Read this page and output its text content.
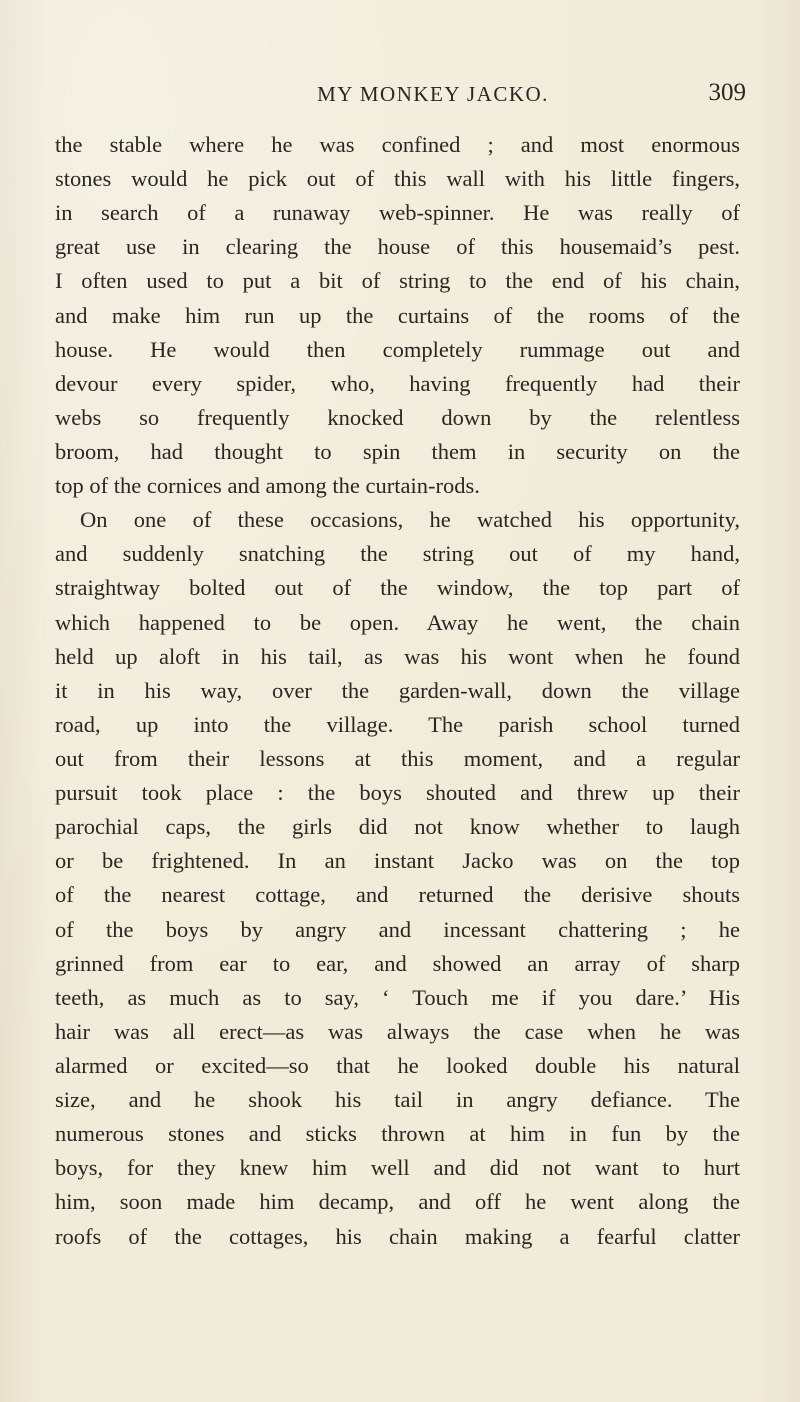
MY MONKEY JACKO.	309
the stable where he was confined ; and most enormous
stones would he pick out of this wall with his little fingers,
in search of a runaway web-spinner. He was really of
great use in clearing the house of this housemaid’s pest.
I often used to put a bit of string to the end of his chain,
and make him run up the curtains of the rooms of the
house. He would then completely rummage out and
devour every spider, who, having frequently had their
webs so frequently knocked down by the relentless
broom, had thought to spin them in security on the
top of the cornices and among the curtain-rods.
On one of these occasions, he watched his opportunity,
and suddenly snatching the string out of my hand,
straightway bolted out of the window, the top part of
which happened to be open. Away he went, the chain
held up aloft in his tail, as was his wont when he found
it in his way, over the garden-wall, down the village
road, up into the village. The parish school turned
out from their lessons at this moment, and a regular
pursuit took place : the boys shouted and threw up their
parochial caps, the girls did not know whether to laugh
or be frightened. In an instant Jacko was on the top
of the nearest cottage, and returned the derisive shouts
of the boys by angry and incessant chattering ; he
grinned from ear to ear, and showed an array of sharp
teeth, as much as to say, ‘ Touch me if you dare.’ His
hair was all erect—as was always the case when he was
alarmed or excited—so that he looked double his natural
size, and he shook his tail in angry defiance. The
numerous stones and sticks thrown at him in fun by the
boys, for they knew him well and did not want to hurt
him, soon made him decamp, and off he went along the
roofs of the cottages, his chain making a fearful clatter
